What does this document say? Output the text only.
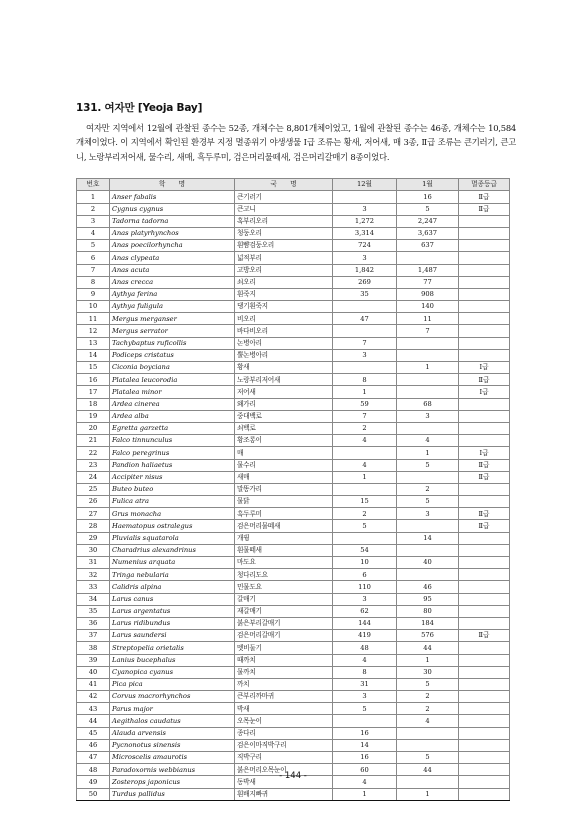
131. 여자만 [Yeoja Bay]
여자만 지역에서 12월에 관찰된 종수는 52종, 개체수는 8,801개체이었고, 1월에 관찰된 종수는 46종, 개체수는 10,584개체이었다. 이 지역에서 확인된 환경부 지정 멸종위기 야생생물 Ⅰ급 조류는 황새, 저어새, 매 3종, Ⅱ급 조류는 큰기러기, 큰고니, 노랑부리저어새, 물수리, 새매, 흑두루미, 검은머리물떼새, 검은머리갈매기 8종이었다.
번호	학　　명	국　　명	12월	1월	멸종등급
1	Anser fabalis	큰기러기		16	Ⅱ급
2	Cygnus cygnus	큰고니	3	5	Ⅱ급
3	Tadorna tadorna	혹부리오리	1,272	2,247	
4	Anas platyrhynchos	청둥오리	3,314	3,637	
5	Anas poecilorhyncha	흰뺨검둥오리	724	637	
6	Anas clypeata	넓적부리	3		
7	Anas acuta	고방오리	1,842	1,487	
8	Anas crecca	쇠오리	269	77	
9	Aythya ferina	흰죽지	35	908	
10	Aythya fuligula	댕기흰죽지		140	
11	Mergus merganser	비오리	47	11	
12	Mergus serrator	바다비오리		7	
13	Tachybaptus ruficollis	논병아리	7		
14	Podiceps cristatus	뿔논병아리	3		
15	Ciconia boyciana	황새		1	Ⅰ급
16	Platalea leucorodia	노랑부리저어새	8		Ⅱ급
17	Platalea minor	저어새	1		Ⅰ급
18	Ardea cinerea	왜가리	59	68	
19	Ardea alba	중대백로	7	3	
20	Egretta garzetta	쇠백로	2		
21	Falco tinnunculus	황조롱이	4	4	
22	Falco peregrinus	매		1	Ⅰ급
23	Pandion haliaetus	물수리	4	5	Ⅱ급
24	Accipiter nisus	새매	1		Ⅱ급
25	Buteo buteo	말똥가리		2	
26	Fulica atra	물닭	15	5	
27	Grus monacha	흑두루미	2	3	Ⅱ급
28	Haematopus ostralegus	검은머리물떼새	5		Ⅱ급
29	Pluvialis squatarola	개꿩		14	
30	Charadrius alexandrinus	흰물떼새	54		
31	Numenius arquata	마도요	10	40	
32	Tringa nebularia	청다리도요	6		
33	Calidris alpina	민물도요	110	46	
34	Larus canus	갈매기	3	95	
35	Larus argentatus	재갈매기	62	80	
36	Larus ridibundus	붉은부리갈매기	144	184	
37	Larus saundersi	검은머리갈매기	419	576	Ⅱ급
38	Streptopelia orietalis	멧비둘기	48	44	
39	Lanius bucephalus	때까치	4	1	
40	Cyanopica cyanus	물까치	8	30	
41	Pica pica	까치	31	5	
42	Corvus macrorhynchos	큰부리까마귀	3	2	
43	Parus major	박새	5	2	
44	Aegithalos caudatus	오목눈이		4	
45	Alauda arvensis	종다리	16		
46	Pycnonotus sinensis	검은이마직박구리	14		
47	Microscelis amaurotis	직박구리	16	5	
48	Paradoxornis webbianus	붉은머리오목눈이	60	44	
49	Zosterops japonicus	동박새	4		
50	Turdus pallidus	흰배지빠귀	1	1	
- 144 -
